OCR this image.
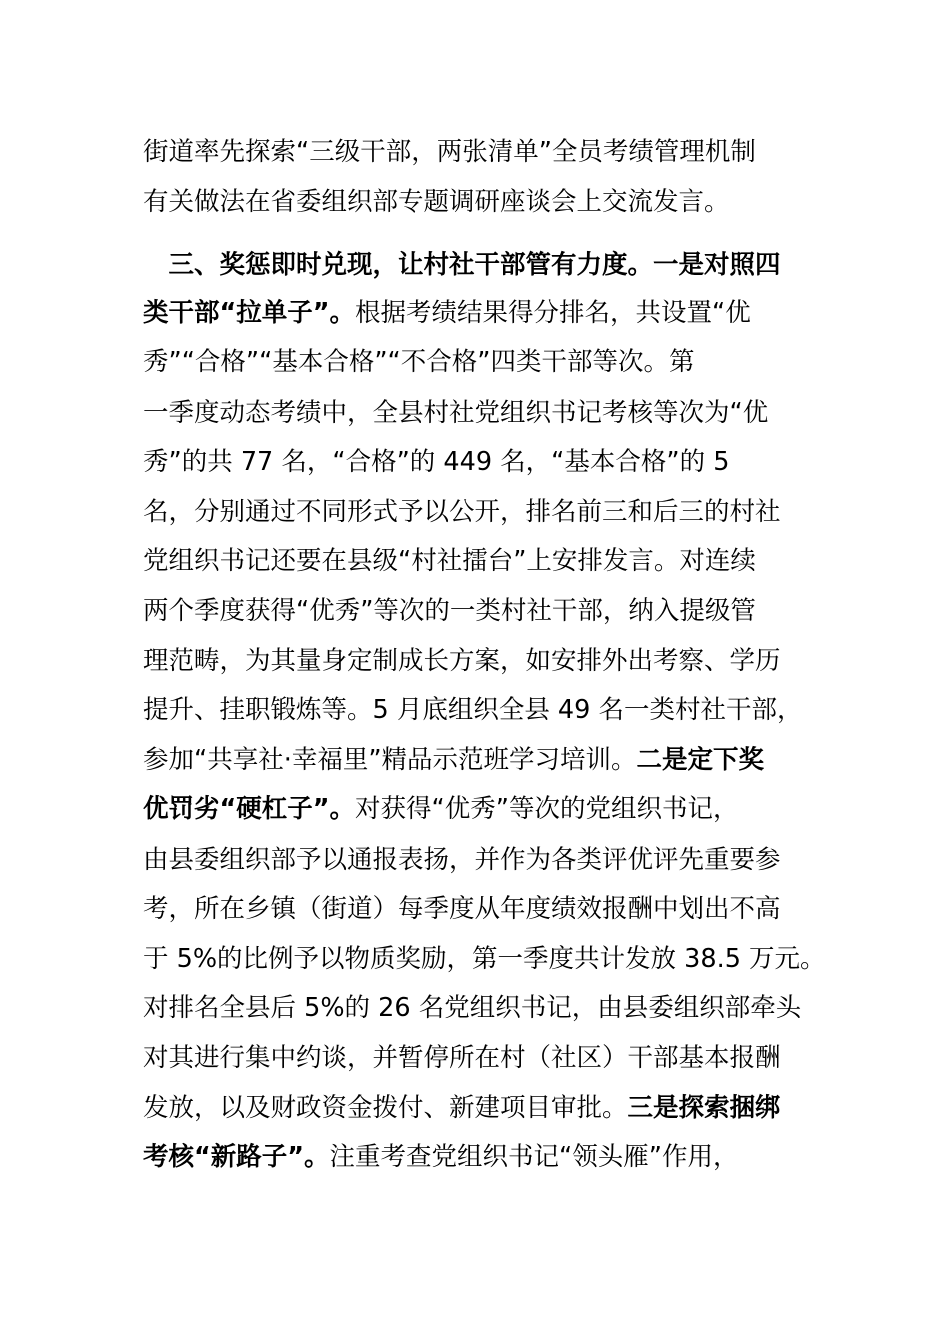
街道率先探索“三级干部，两张清单”全员考绩管理机制
有关做法在省委组织部专题调研座谈会上交流发言。
　三、奖惩即时兑现，让村社干部管有力度。一是对照四
类干部“拉单子”。根据考绩结果得分排名，共设置“优
秀”“合格”“基本合格”“不合格”四类干部等次。第
一季度动态考绩中，全县村社党组织书记考核等次为“优
秀”的共 77 名，“合格”的 449 名，“基本合格”的 5
名，分别通过不同形式予以公开，排名前三和后三的村社
党组织书记还要在县级“村社擂台”上安排发言。对连续
两个季度获得“优秀”等次的一类村社干部，纳入提级管
理范畴，为其量身定制成长方案，如安排外出考察、学历
提升、挂职锻炼等。5 月底组织全县 49 名一类村社干部，
参加“共享社·幸福里”精品示范班学习培训。二是定下奖
优罚劣“硬杠子”。对获得“优秀”等次的党组织书记，
由县委组织部予以通报表扬，并作为各类评优评先重要参
考，所在乡镇（街道）每季度从年度绩效报酬中划出不高
于 5%的比例予以物质奖励，第一季度共计发放 38.5 万元。
对排名全县后 5%的 26 名党组织书记，由县委组织部牵头
对其进行集中约谈，并暂停所在村（社区）干部基本报酬
发放，以及财政资金拨付、新建项目审批。三是探索捆绑
考核“新路子”。注重考查党组织书记“领头雁”作用，
